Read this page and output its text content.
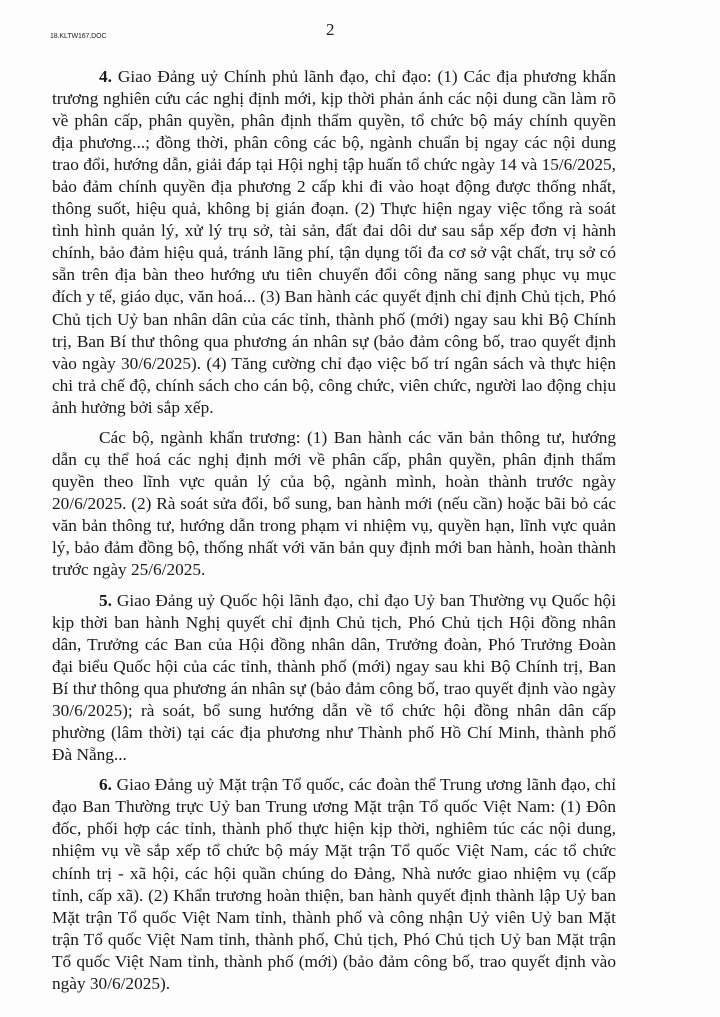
18.KLTW167.DOC	2

4. Giao Đảng uỷ Chính phủ lãnh đạo, chỉ đạo: (1) Các địa phương khẩn trương nghiên cứu các nghị định mới, kịp thời phản ánh các nội dung cần làm rõ về phân cấp, phân quyền, phân định thẩm quyền, tổ chức bộ máy chính quyền địa phương...; đồng thời, phân công các bộ, ngành chuẩn bị ngay các nội dung trao đổi, hướng dẫn, giải đáp tại Hội nghị tập huấn tổ chức ngày 14 và 15/6/2025, bảo đảm chính quyền địa phương 2 cấp khi đi vào hoạt động được thống nhất, thông suốt, hiệu quả, không bị gián đoạn. (2) Thực hiện ngay việc tổng rà soát tình hình quản lý, xử lý trụ sở, tài sản, đất đai dôi dư sau sắp xếp đơn vị hành chính, bảo đảm hiệu quả, tránh lãng phí, tận dụng tối đa cơ sở vật chất, trụ sở có sẵn trên địa bàn theo hướng ưu tiên chuyển đổi công năng sang phục vụ mục đích y tế, giáo dục, văn hoá... (3) Ban hành các quyết định chỉ định Chủ tịch, Phó Chủ tịch Uỷ ban nhân dân của các tỉnh, thành phố (mới) ngay sau khi Bộ Chính trị, Ban Bí thư thông qua phương án nhân sự (bảo đảm công bố, trao quyết định vào ngày 30/6/2025). (4) Tăng cường chỉ đạo việc bố trí ngân sách và thực hiện chi trả chế độ, chính sách cho cán bộ, công chức, viên chức, người lao động chịu ảnh hưởng bởi sắp xếp.

Các bộ, ngành khẩn trương: (1) Ban hành các văn bản thông tư, hướng dẫn cụ thể hoá các nghị định mới về phân cấp, phân quyền, phân định thẩm quyền theo lĩnh vực quản lý của bộ, ngành mình, hoàn thành trước ngày 20/6/2025. (2) Rà soát sửa đổi, bổ sung, ban hành mới (nếu cần) hoặc bãi bỏ các văn bản thông tư, hướng dẫn trong phạm vi nhiệm vụ, quyền hạn, lĩnh vực quản lý, bảo đảm đồng bộ, thống nhất với văn bản quy định mới ban hành, hoàn thành trước ngày 25/6/2025.

5. Giao Đảng uỷ Quốc hội lãnh đạo, chỉ đạo Uỷ ban Thường vụ Quốc hội kịp thời ban hành Nghị quyết chỉ định Chủ tịch, Phó Chủ tịch Hội đồng nhân dân, Trưởng các Ban của Hội đồng nhân dân, Trưởng đoàn, Phó Trưởng Đoàn đại biểu Quốc hội của các tỉnh, thành phố (mới) ngay sau khi Bộ Chính trị, Ban Bí thư thông qua phương án nhân sự (bảo đảm công bố, trao quyết định vào ngày 30/6/2025); rà soát, bổ sung hướng dẫn về tổ chức hội đồng nhân dân cấp phường (lâm thời) tại các địa phương như Thành phố Hồ Chí Minh, thành phố Đà Nẵng...

6. Giao Đảng uỷ Mặt trận Tổ quốc, các đoàn thể Trung ương lãnh đạo, chỉ đạo Ban Thường trực Uỷ ban Trung ương Mặt trận Tổ quốc Việt Nam: (1) Đôn đốc, phối hợp các tỉnh, thành phố thực hiện kịp thời, nghiêm túc các nội dung, nhiệm vụ về sắp xếp tổ chức bộ máy Mặt trận Tổ quốc Việt Nam, các tổ chức chính trị - xã hội, các hội quần chúng do Đảng, Nhà nước giao nhiệm vụ (cấp tỉnh, cấp xã). (2) Khẩn trương hoàn thiện, ban hành quyết định thành lập Uỷ ban Mặt trận Tổ quốc Việt Nam tỉnh, thành phố và công nhận Uỷ viên Uỷ ban Mặt trận Tổ quốc Việt Nam tỉnh, thành phố, Chủ tịch, Phó Chủ tịch Uỷ ban Mặt trận Tổ quốc Việt Nam tỉnh, thành phố (mới) (bảo đảm công bố, trao quyết định vào ngày 30/6/2025).
